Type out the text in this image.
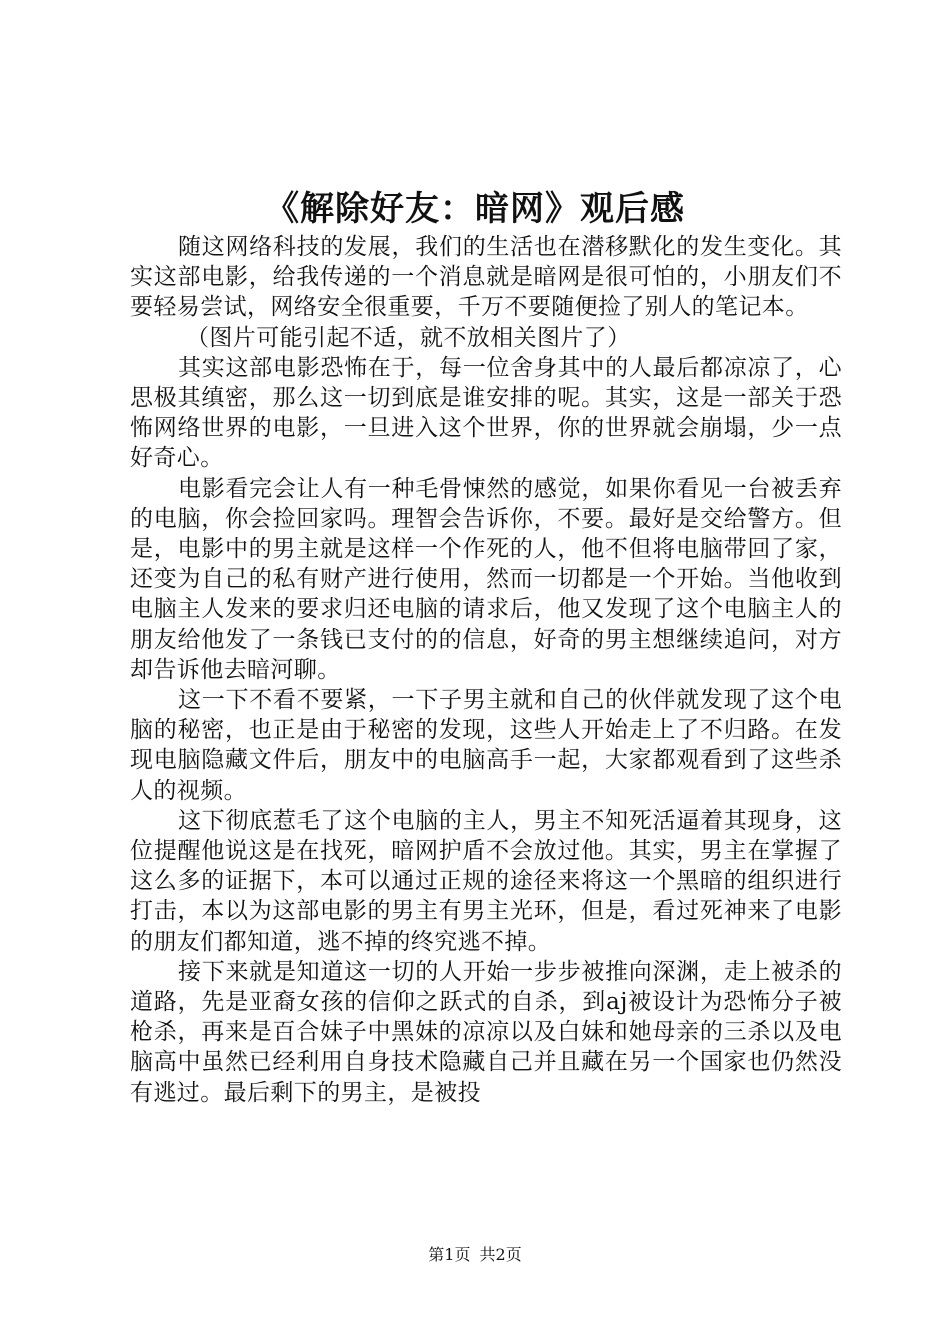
《解除好友：暗网》观后感

随这网络科技的发展，我们的生活也在潜移默化的发生变化。其实这部电影，给我传递的一个消息就是暗网是很可怕的，小朋友们不要轻易尝试，网络安全很重要，千万不要随便捡了别人的笔记本。

（图片可能引起不适，就不放相关图片了）

其实这部电影恐怖在于，每一位舍身其中的人最后都凉凉了，心思极其缜密，那么这一切到底是谁安排的呢。其实，这是一部关于恐怖网络世界的电影，一旦进入这个世界，你的世界就会崩塌，少一点好奇心。

电影看完会让人有一种毛骨悚然的感觉，如果你看见一台被丢弃的电脑，你会捡回家吗。理智会告诉你，不要。最好是交给警方。但是，电影中的男主就是这样一个作死的人，他不但将电脑带回了家，还变为自己的私有财产进行使用，然而一切都是一个开始。当他收到电脑主人发来的要求归还电脑的请求后，他又发现了这个电脑主人的朋友给他发了一条钱已支付的的信息，好奇的男主想继续追问，对方却告诉他去暗河聊。

这一下不看不要紧，一下子男主就和自己的伙伴就发现了这个电脑的秘密，也正是由于秘密的发现，这些人开始走上了不归路。在发现电脑隐藏文件后，朋友中的电脑高手一起，大家都观看到了这些杀人的视频。

这下彻底惹毛了这个电脑的主人，男主不知死活逼着其现身，这位提醒他说这是在找死，暗网护盾不会放过他。其实，男主在掌握了这么多的证据下，本可以通过正规的途径来将这一个黑暗的组织进行打击，本以为这部电影的男主有男主光环，但是，看过死神来了电影的朋友们都知道，逃不掉的终究逃不掉。

接下来就是知道这一切的人开始一步步被推向深渊，走上被杀的道路，先是亚裔女孩的信仰之跃式的自杀，到aj被设计为恐怖分子被枪杀，再来是百合妹子中黑妹的凉凉以及白妹和她母亲的三杀以及电脑高中虽然已经利用自身技术隐藏自己并且藏在另一个国家也仍然没有逃过。最后剩下的男主，是被投

第1页 共2页
